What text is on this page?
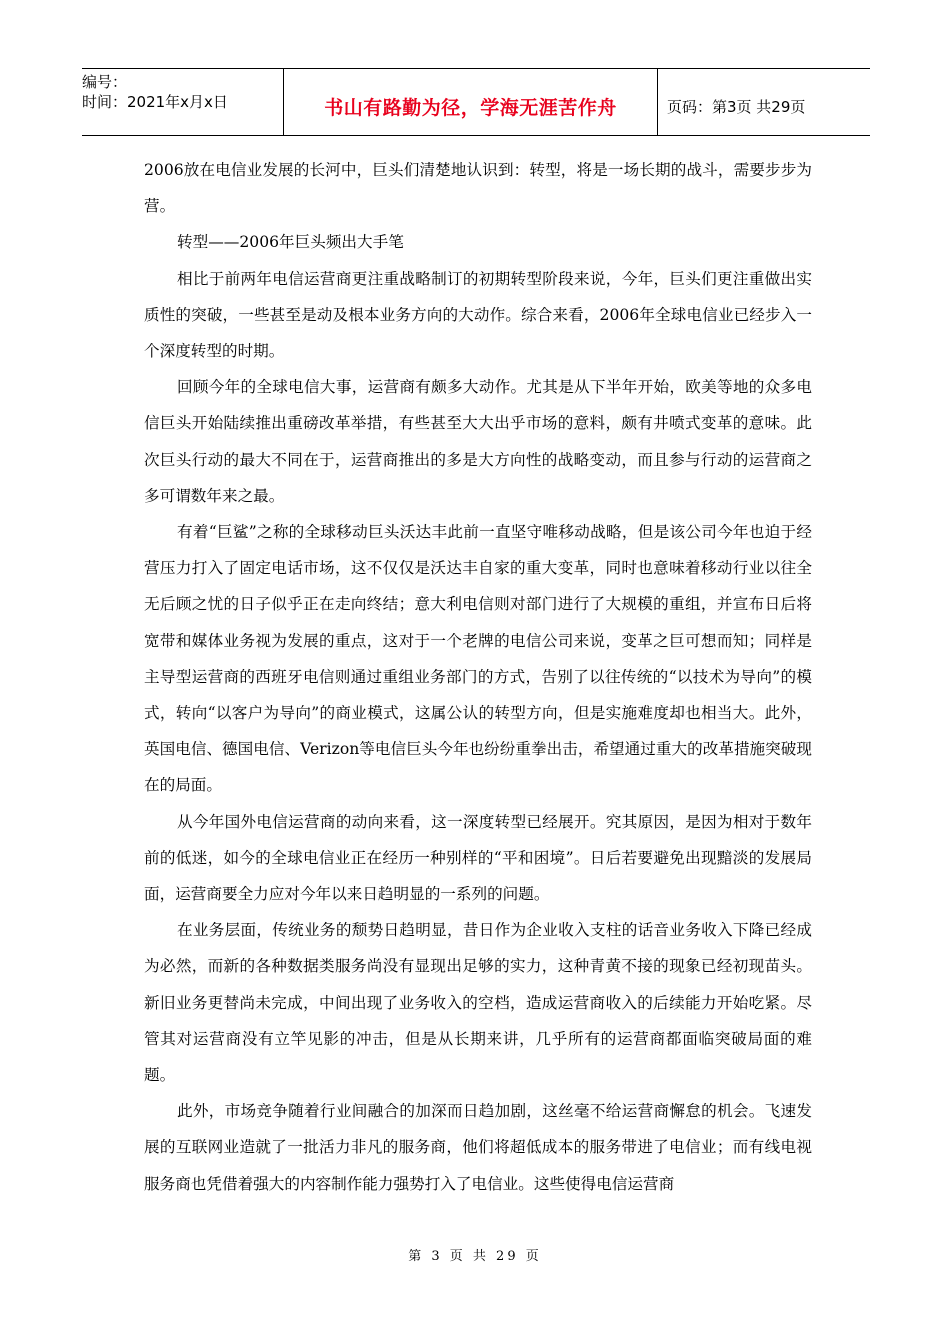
编号：
时间：2021年x月x日	书山有路勤为径，学海无涯苦作舟	页码：第3页 共29页

2006放在电信业发展的长河中，巨头们清楚地认识到：转型，将是一场长期的战斗，需要步步为营。

转型——2006年巨头频出大手笔

相比于前两年电信运营商更注重战略制订的初期转型阶段来说，今年，巨头们更注重做出实质性的突破，一些甚至是动及根本业务方向的大动作。综合来看，2006年全球电信业已经步入一个深度转型的时期。

回顾今年的全球电信大事，运营商有颇多大动作。尤其是从下半年开始，欧美等地的众多电信巨头开始陆续推出重磅改革举措，有些甚至大大出乎市场的意料，颇有井喷式变革的意味。此次巨头行动的最大不同在于，运营商推出的多是大方向性的战略变动，而且参与行动的运营商之多可谓数年来之最。

有着“巨鲨”之称的全球移动巨头沃达丰此前一直坚守唯移动战略，但是该公司今年也迫于经营压力打入了固定电话市场，这不仅仅是沃达丰自家的重大变革，同时也意味着移动行业以往全无后顾之忧的日子似乎正在走向终结；意大利电信则对部门进行了大规模的重组，并宣布日后将宽带和媒体业务视为发展的重点，这对于一个老牌的电信公司来说，变革之巨可想而知；同样是主导型运营商的西班牙电信则通过重组业务部门的方式，告别了以往传统的“以技术为导向”的模式，转向“以客户为导向”的商业模式，这属公认的转型方向，但是实施难度却也相当大。此外，英国电信、德国电信、Verizon等电信巨头今年也纷纷重拳出击，希望通过重大的改革措施突破现在的局面。

从今年国外电信运营商的动向来看，这一深度转型已经展开。究其原因，是因为相对于数年前的低迷，如今的全球电信业正在经历一种别样的“平和困境”。日后若要避免出现黯淡的发展局面，运营商要全力应对今年以来日趋明显的一系列的问题。

在业务层面，传统业务的颓势日趋明显，昔日作为企业收入支柱的话音业务收入下降已经成为必然，而新的各种数据类服务尚没有显现出足够的实力，这种青黄不接的现象已经初现苗头。新旧业务更替尚未完成，中间出现了业务收入的空档，造成运营商收入的后续能力开始吃紧。尽管其对运营商没有立竿见影的冲击，但是从长期来讲，几乎所有的运营商都面临突破局面的难题。

此外，市场竞争随着行业间融合的加深而日趋加剧，这丝毫不给运营商懈怠的机会。飞速发展的互联网业造就了一批活力非凡的服务商，他们将超低成本的服务带进了电信业；而有线电视服务商也凭借着强大的内容制作能力强势打入了电信业。这些使得电信运营商

第 3 页 共 29 页
